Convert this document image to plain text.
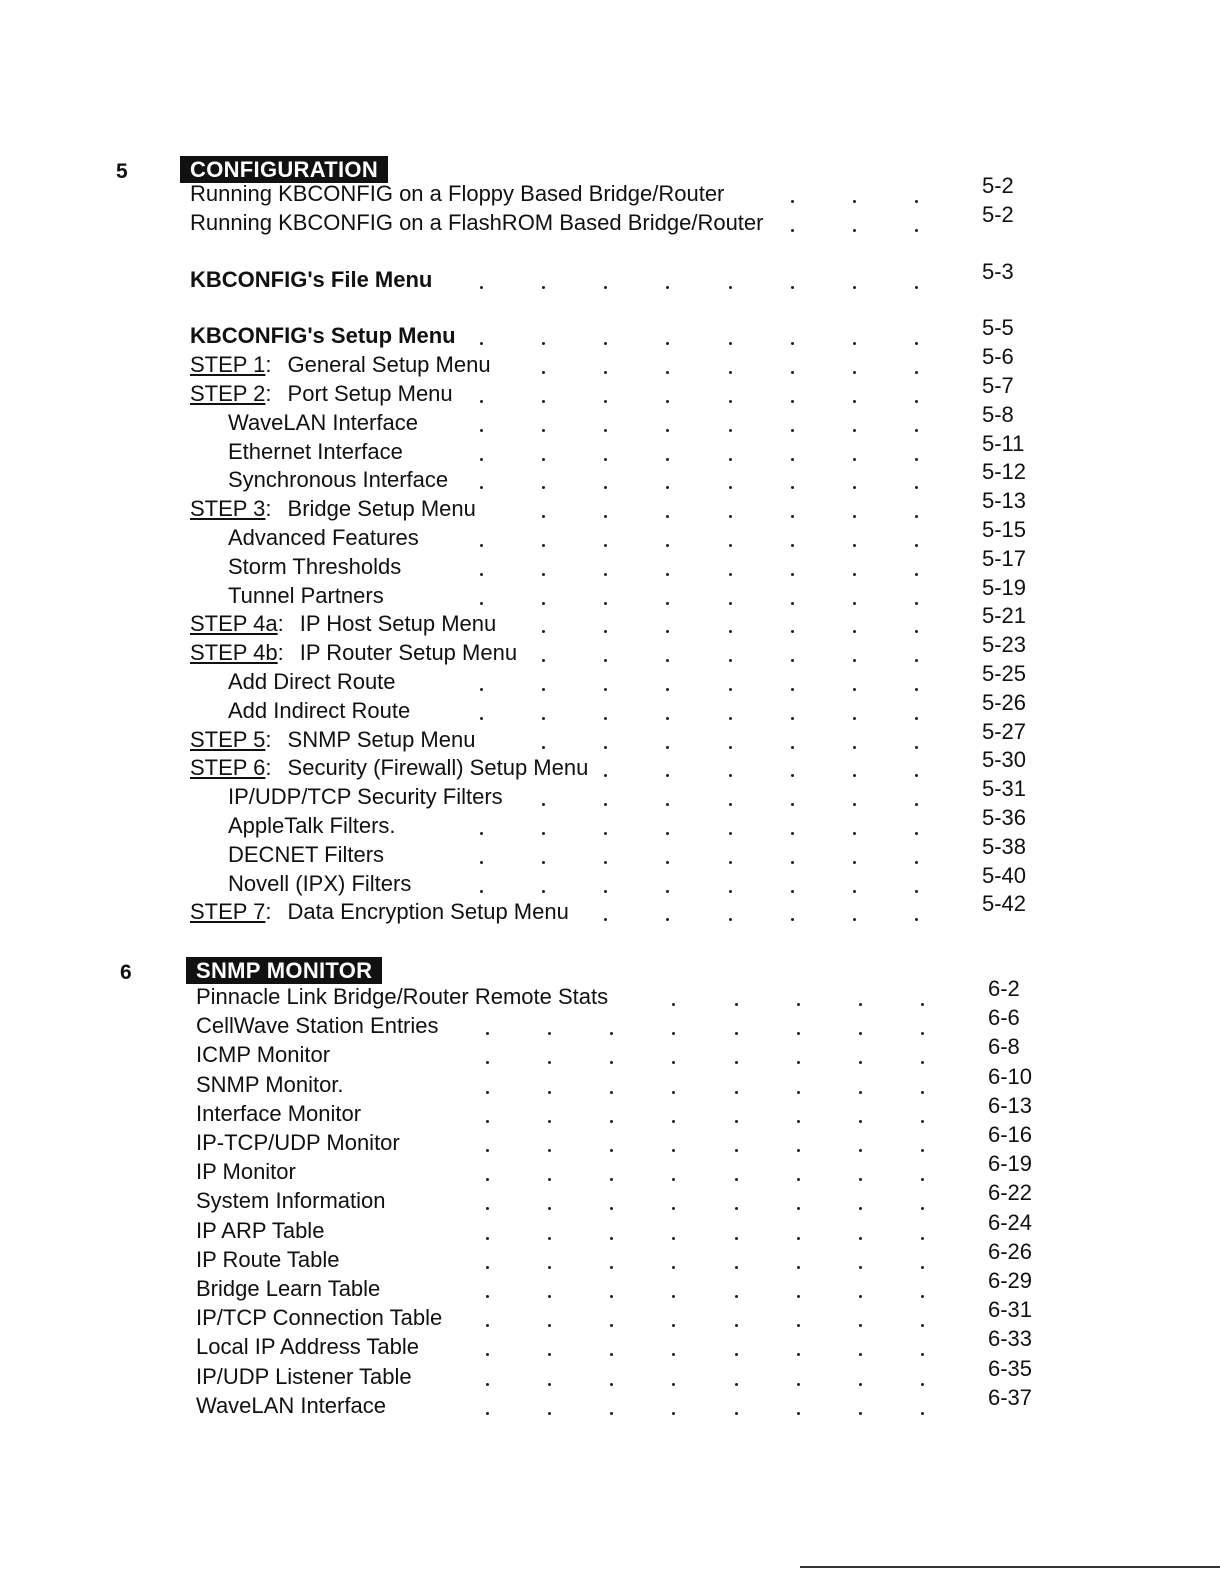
5	CONFIGURATION
6	SNMP MONITOR
Running KBCONFIG on a Floppy Based Bridge/Router	5-2
Running KBCONFIG on a FlashROM Based Bridge/Router	5-2
KBCONFIG's File Menu	5-3
KBCONFIG's Setup Menu	5-5
STEP 1: General Setup Menu	5-6
STEP 2: Port Setup Menu	5-7
WaveLAN Interface	5-8
Ethernet Interface	5-11
Synchronous Interface	5-12
STEP 3: Bridge Setup Menu	5-13
Advanced Features	5-15
Storm Thresholds	5-17
Tunnel Partners	5-19
STEP 4a: IP Host Setup Menu	5-21
STEP 4b: IP Router Setup Menu	5-23
Add Direct Route	5-25
Add Indirect Route	5-26
STEP 5: SNMP Setup Menu	5-27
STEP 6: Security (Firewall) Setup Menu	5-30
IP/UDP/TCP Security Filters	5-31
AppleTalk Filters.	5-36
DECNET Filters	5-38
Novell (IPX) Filters	5-40
STEP 7: Data Encryption Setup Menu	5-42
Pinnacle Link Bridge/Router Remote Stats	6-2
CellWave Station Entries	6-6
ICMP Monitor	6-8
SNMP Monitor.	6-10
Interface Monitor	6-13
IP-TCP/UDP Monitor	6-16
IP Monitor	6-19
System Information	6-22
IP ARP Table	6-24
IP Route Table	6-26
Bridge Learn Table	6-29
IP/TCP Connection Table	6-31
Local IP Address Table	6-33
IP/UDP Listener Table	6-35
WaveLAN Interface	6-37
